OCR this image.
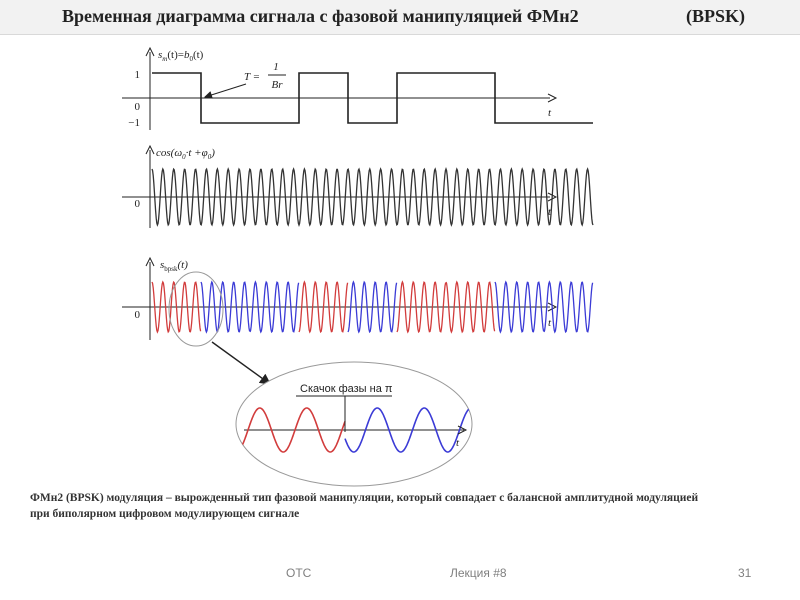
Временная диаграмма сигнала с фазовой манипуляцией ФМн2	(BPSK)
$s_m(t)=b_0(t)$
1
0
−1
T =
1
Br
t
$\cos(\omega_0\cdot t +\varphi_0)$
0
t
$s_{bpsk}(t)$
0
t
Скачок фазы на π
t
ФМн2 (BPSK) модуляция – вырожденный тип фазовой манипуляции, который совпадает с балансной амплитудной модуляцией
при биполярном цифровом модулирующем сигнале
ОТС	Лекция #8	31
